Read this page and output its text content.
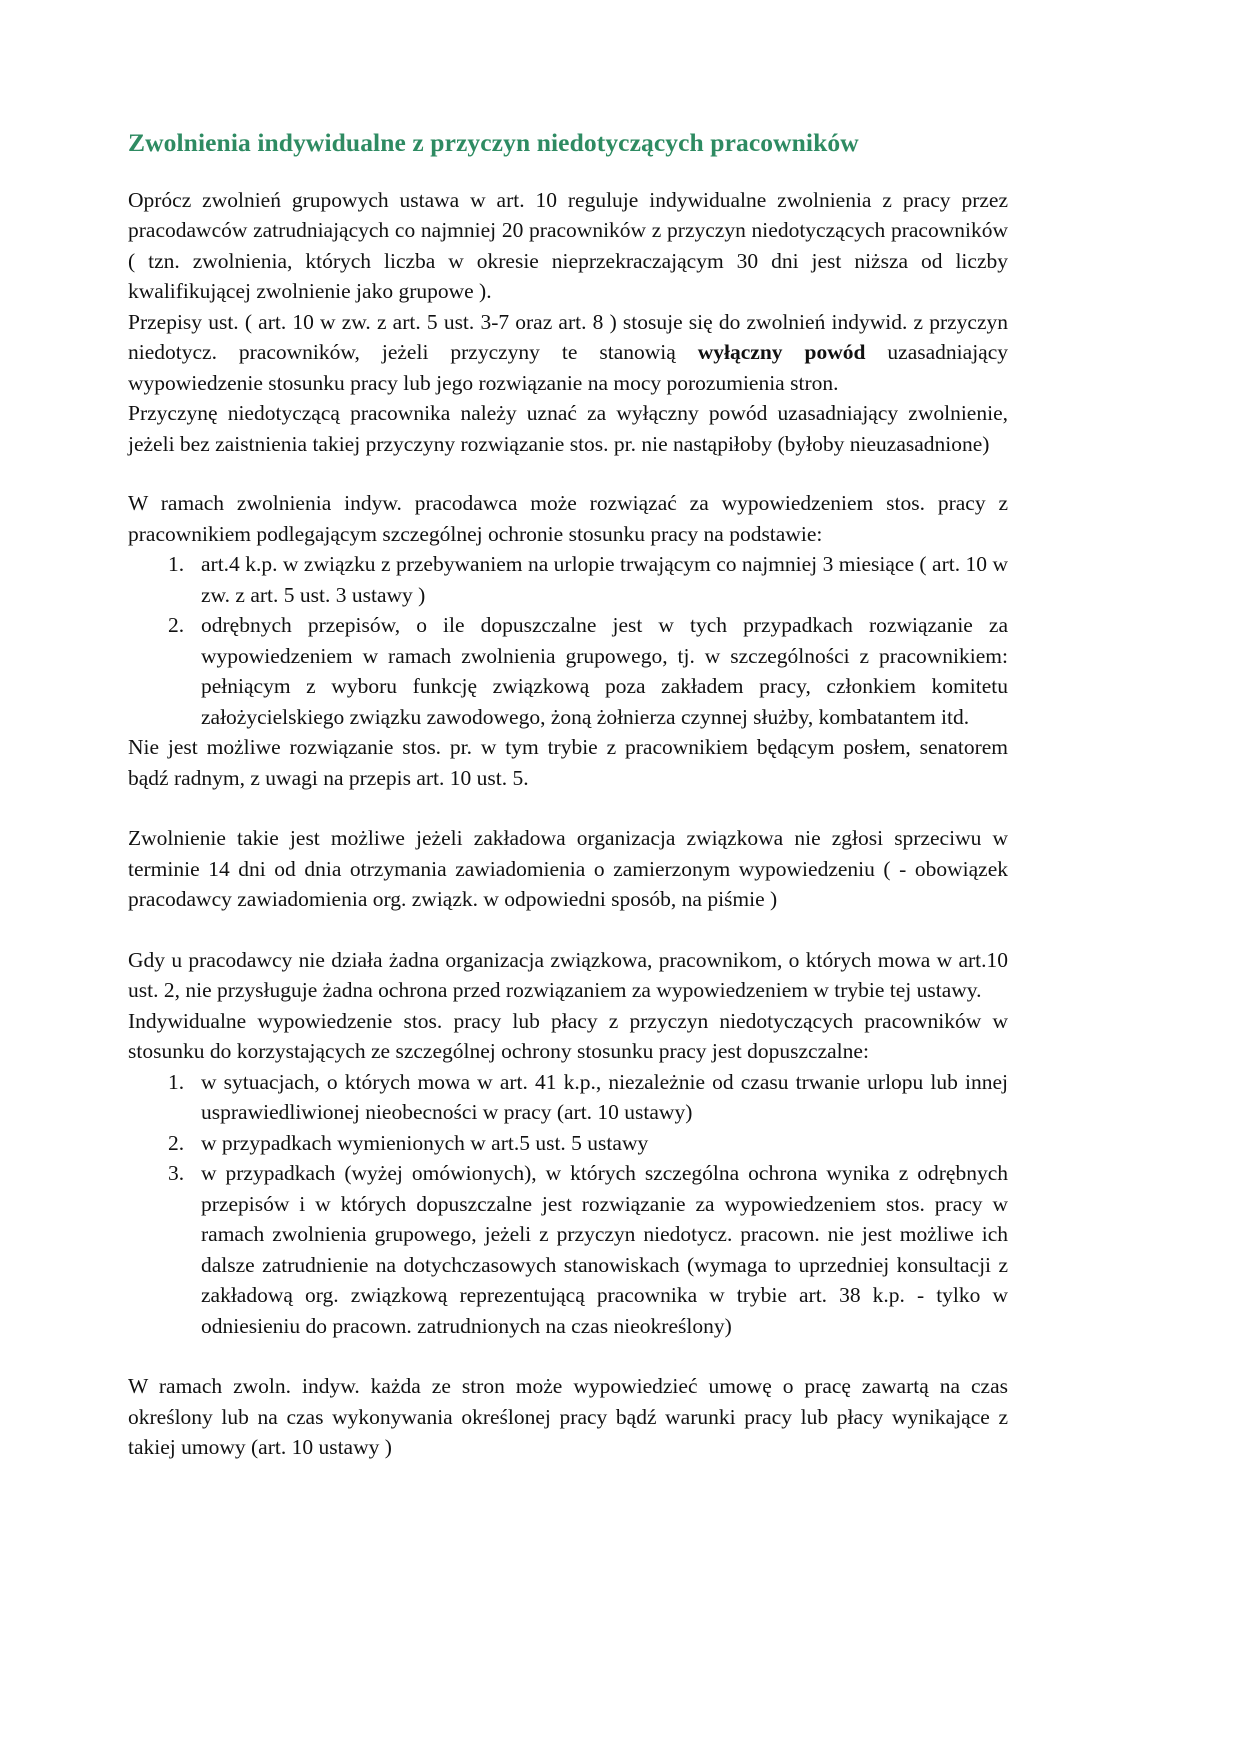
Zwolnienia indywidualne z przyczyn niedotyczących pracowników

Oprócz zwolnień grupowych ustawa w art. 10 reguluje indywidualne zwolnienia z pracy przez pracodawców zatrudniających co najmniej 20 pracowników z przyczyn niedotyczących pracowników ( tzn. zwolnienia, których liczba w okresie nieprzekraczającym 30 dni jest niższa od liczby kwalifikującej zwolnienie jako grupowe ).

Przepisy ust. ( art. 10 w zw. z art. 5 ust. 3-7 oraz art. 8 ) stosuje się do zwolnień indywid. z przyczyn niedotycz. pracowników, jeżeli przyczyny te stanowią wyłączny powód uzasadniający wypowiedzenie stosunku pracy lub jego rozwiązanie na mocy porozumienia stron.

Przyczynę niedotyczącą pracownika należy uznać za wyłączny powód uzasadniający zwolnienie, jeżeli bez zaistnienia takiej przyczyny rozwiązanie stos. pr. nie nastąpiłoby (byłoby nieuzasadnione)

W ramach zwolnienia indyw. pracodawca może rozwiązać za wypowiedzeniem stos. pracy z pracownikiem podlegającym szczególnej ochronie stosunku pracy na podstawie:

art.4 k.p. w związku z przebywaniem na urlopie trwającym co najmniej 3 miesiące ( art. 10 w zw. z art. 5 ust. 3 ustawy )
odrębnych przepisów, o ile dopuszczalne jest w tych przypadkach rozwiązanie za wypowiedzeniem w ramach zwolnienia grupowego, tj. w szczególności z pracownikiem: pełniącym z wyboru funkcję związkową poza zakładem pracy, członkiem komitetu założycielskiego związku zawodowego, żoną żołnierza czynnej służby, kombatantem itd.

Nie jest możliwe rozwiązanie stos. pr. w tym trybie z pracownikiem będącym posłem, senatorem bądź radnym, z uwagi na przepis art. 10 ust. 5.

Zwolnienie takie jest możliwe jeżeli zakładowa organizacja związkowa nie zgłosi sprzeciwu w terminie 14 dni od dnia otrzymania zawiadomienia o zamierzonym wypowiedzeniu ( - obowiązek pracodawcy zawiadomienia org. związk. w odpowiedni sposób, na piśmie )

Gdy u pracodawcy nie działa żadna organizacja związkowa, pracownikom, o których mowa w art.10 ust. 2, nie przysługuje żadna ochrona przed rozwiązaniem za wypowiedzeniem w trybie tej ustawy.

Indywidualne wypowiedzenie stos. pracy lub płacy z przyczyn niedotyczących pracowników w stosunku do korzystających ze szczególnej ochrony stosunku pracy jest dopuszczalne:

w sytuacjach, o których mowa w art. 41 k.p., niezależnie od czasu trwanie urlopu lub innej usprawiedliwionej nieobecności w pracy (art. 10 ustawy)
w przypadkach wymienionych w art.5 ust. 5 ustawy
w przypadkach (wyżej omówionych), w których szczególna ochrona wynika z odrębnych przepisów i w których dopuszczalne jest rozwiązanie za wypowiedzeniem stos. pracy w ramach zwolnienia grupowego, jeżeli z przyczyn niedotycz. pracown. nie jest możliwe ich dalsze zatrudnienie na dotychczasowych stanowiskach (wymaga to uprzedniej konsultacji z zakładową org. związkową reprezentującą pracownika w trybie art. 38 k.p. - tylko w odniesieniu do pracown. zatrudnionych na czas nieokreślony)

W ramach zwoln. indyw. każda ze stron może wypowiedzieć umowę o pracę zawartą na czas określony lub na czas wykonywania określonej pracy bądź warunki pracy lub płacy wynikające z takiej umowy (art. 10 ustawy )
